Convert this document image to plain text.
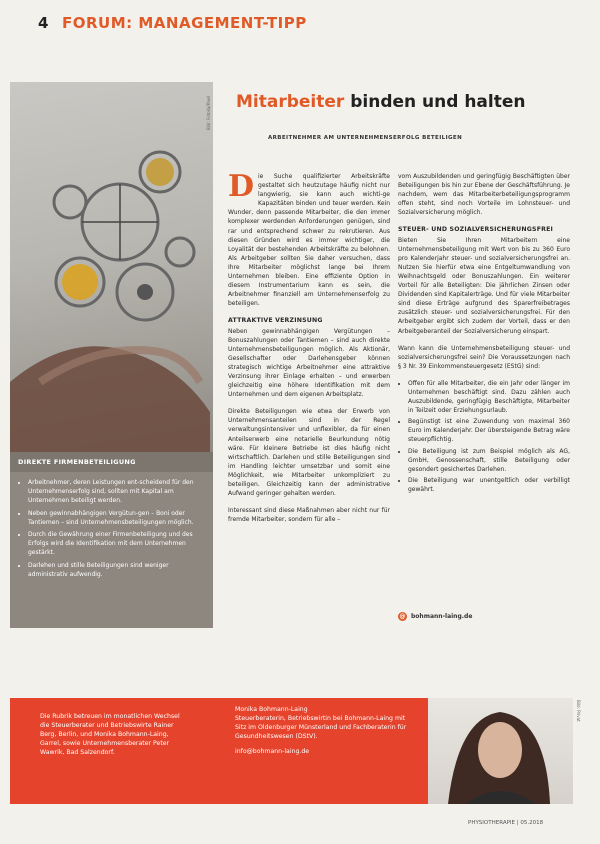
4 FORUM: MANAGEMENT-TIPP
Bild: Fotolia/Pixel
DIREKTE FIRMENBETEILIGUNG
• Arbeitnehmer, deren Leistungen ent-scheidend für den Unternehmenserfolg sind, sollten mit Kapital am Unternehmen beteiligt werden.
• Neben gewinnabhängigen Vergütun-gen – Boni oder Tantiemen – sind Unternehmensbeteiligungen möglich.
• Durch die Gewährung einer Firmenbeteiligung und des Erfolgs wird die Identifikation mit dem Unternehmen gestärkt.
• Darlehen und stille Beteiligungen sind weniger administrativ aufwendig.
Mitarbeiter binden und halten
ARBEITNEHMER AM UNTERNEHMENSERFOLG BETEILIGEN
D ie Suche qualifizierter Arbeitskräfte gestaltet sich heutzutage häufig nicht nur langwierig, sie kann auch wichti-ge Kapazitäten binden und teuer werden. Kein Wunder, denn passende Mitarbeiter, die den immer komplexer werdenden Anforderungen genügen, sind rar und entsprechend schwer zu rekrutieren. Aus diesen Gründen wird es immer wichtiger, die Loyalität der bestehenden Arbeitskräfte zu belohnen. Als Arbeitgeber sollten Sie daher versuchen, dass Ihre Mitarbeiter möglichst lange bei Ihrem Unternehmen bleiben. Eine effiziente Option in diesem Instrumentarium kann es sein, die Arbeitnehmer finanziell am Unternehmenserfolg zu beteiligen.

ATTRAKTIVE VERZINSUNG

Neben gewinnabhängigen Vergütungen – Bonuszahlungen oder Tantiemen – sind auch direkte Unternehmensbeteiligungen möglich. Als Aktionär, Gesellschafter oder Darlehensgeber können strategisch wichtige Arbeitnehmer eine attraktive Verzinsung ihrer Einlage erhalten – und erwerben gleichzeitig eine höhere Identifikation mit dem Unternehmen und dem eigenen Arbeitsplatz.

Direkte Beteiligungen wie etwa der Erwerb von Unternehmensanteilen sind in der Regel verwaltungsintensiver und unflexibler, da für einen Anteilserwerb eine notarielle Beurkundung nötig wäre. Für kleinere Betriebe ist dies häufig nicht wirtschaftlich. Darlehen und stille Beteiligungen sind im Handling leichter umsetzbar und somit eine Möglichkeit, wie Mitarbeiter unkompliziert zu beteiligen. Gleichzeitig kann der administrative Aufwand geringer gehalten werden.

Interessant sind diese Maßnahmen aber nicht nur für fremde Mitarbeiter, sondern für alle –

vom Auszubildenden und geringfügig Beschäftigten über Beteiligungen bis hin zur Ebene der Geschäftsführung. Je nachdem, wem das Mitarbeiterbeteiligungsprogramm offen steht, sind noch Vorteile im Lohnsteuer- und Sozialversicherung möglich.

STEUER- UND SOZIALVERSICHERUNGSFREI

Bieten Sie Ihren Mitarbeitern eine Unternehmensbeteiligung mit Wert von bis zu 360 Euro pro Kalenderjahr steuer- und sozialversicherungsfrei an. Nutzen Sie hierfür etwa eine Entgeltumwandlung von Weihnachtsgeld oder Bonuszahlungen. Ein weiterer Vorteil für alle Beteiligten: Die jährlichen Zinsen oder Dividenden sind Kapitalerträge. Und für viele Mitarbeiter sind diese Erträge aufgrund des Sparerfreibetrages zusätzlich steuer- und sozialversicherungsfrei. Für den Arbeitgeber ergibt sich zudem der Vorteil, dass er den Arbeitgeberanteil der Sozialversicherung einspart.

Wann kann die Unternehmensbeteiligung steuer- und sozialversicherungsfrei sein? Die Voraussetzungen nach § 3 Nr. 39 Einkommensteuergesetz (EStG) sind:

• Offen für alle Mitarbeiter, die ein Jahr oder länger im Unternehmen beschäftigt sind. Dazu zählen auch Auszubildende, geringfügig Beschäftigte, Mitarbeiter in Teilzeit oder Erziehungsurlaub.
• Begünstigt ist eine Zuwendung von maximal 360 Euro im Kalenderjahr. Der übersteigende Betrag wäre steuerpflichtig.
• Die Beteiligung ist zum Beispiel möglich als AG, GmbH, Genossenschaft, stille Beteiligung oder gesondert gesichertes Darlehen.
• Die Beteiligung war unentgeltlich oder verbilligt gewährt.
@ bohmann-laing.de
Die Rubrik betreuen im monatlichen Wechsel die Steuerberater und Betriebswirte Rainer Berg, Berlin, und Monika Bohmann-Laing, Garrel, sowie Unternehmensberater Peter Wawrik, Bad Salzendorf.
Monika Bohmann-Laing
Steuerberaterin, Betriebswirtin bei Bohmann-Laing mit Sitz im Oldenburger Münsterland und Fachberaterin für Gesundheitswesen (DStV).
info@bohmann-laing.de
Bild: Privat
PHYSIOTHERAPIE | 05.2018
